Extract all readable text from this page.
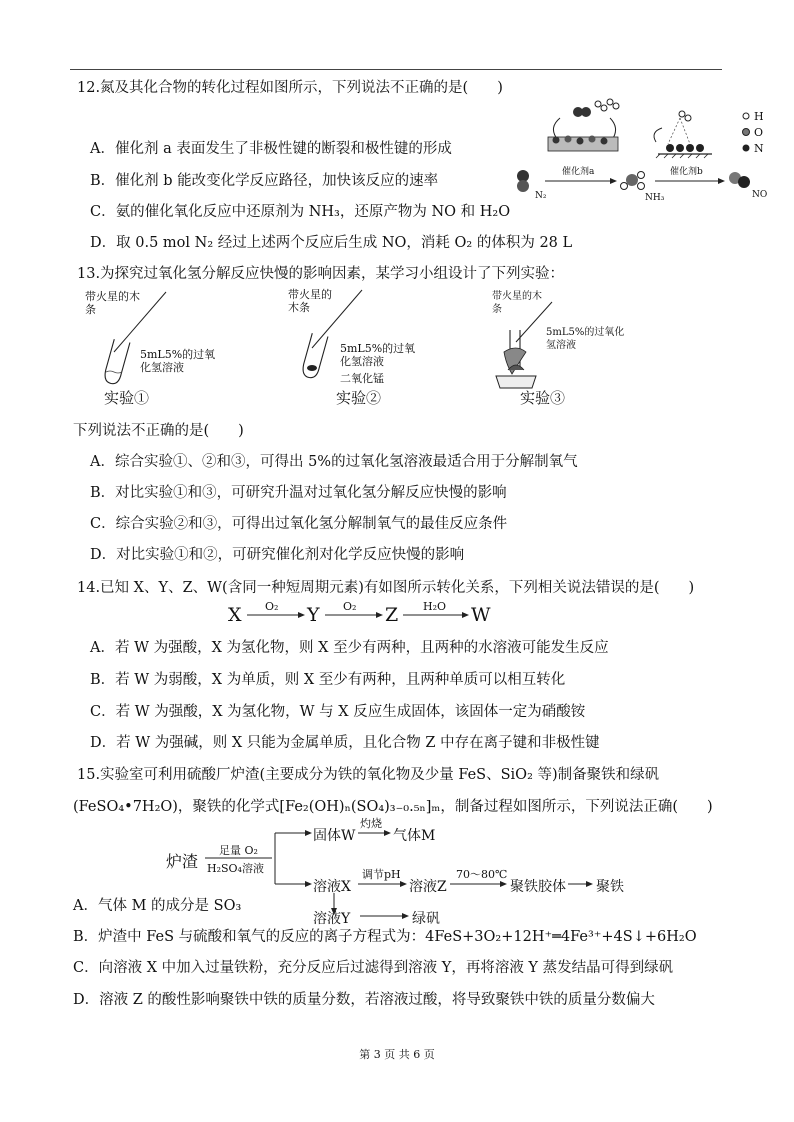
12.氮及其化合物的转化过程如图所示，下列说法不正确的是(　　)
A．催化剂 a 表面发生了非极性键的断裂和极性键的形成
B．催化剂 b 能改变化学反应路径，加快该反应的速率
C．氨的催化氧化反应中还原剂为 NH₃，还原产物为 NO 和 H₂O
D．取 0.5 mol N₂ 经过上述两个反应后生成 NO，消耗 O₂ 的体积为 28 L
H
O
N
催化剂a	催化剂b
N₂	NH₃	NO
13.为探究过氧化氢分解反应快慢的影响因素，某学习小组设计了下列实验：
带火星的木条
带火星的木条
带火星的木条
5mL5%的过氧化氢溶液
5mL5%的过氧化氢溶液
二氧化锰
5mL5%的过氧化氢溶液
实验①	实验②	实验③
下列说法不正确的是(　　)
A．综合实验①、②和③，可得出 5%的过氧化氢溶液最适合用于分解制氧气
B．对比实验①和③，可研究升温对过氧化氢分解反应快慢的影响
C．综合实验②和③，可得出过氧化氢分解制氧气的最佳反应条件
D．对比实验①和②，可研究催化剂对化学反应快慢的影响
14.已知 X、Y、Z、W(含同一种短周期元素)有如图所示转化关系，下列相关说法错误的是(　　)
X	Y	Z	W
O₂	O₂	H₂O
A．若 W 为强酸，X 为氢化物，则 X 至少有两种，且两种的水溶液可能发生反应
B．若 W 为弱酸，X 为单质，则 X 至少有两种，且两种单质可以相互转化
C．若 W 为强酸，X 为氢化物，W 与 X 反应生成固体，该固体一定为硝酸铵
D．若 W 为强碱，则 X 只能为金属单质，且化合物 Z 中存在离子键和非极性键
15.实验室可利用硫酸厂炉渣(主要成分为铁的氧化物及少量 FeS、SiO₂ 等)制备聚铁和绿矾
(FeSO₄•7H₂O)，聚铁的化学式[Fe₂(OH)ₙ(SO₄)₃₋₀.₅ₙ]ₘ，制备过程如图所示，下列说法正确(　　)
炉渣
足量 O₂
H₂SO₄溶液
固体W
灼烧
气体M
溶液X
调节pH
溶液Z
70～80℃
聚铁胶体 聚铁
溶液Y	绿矾
A．气体 M 的成分是 SO₃
B．炉渣中 FeS 与硫酸和氧气的反应的离子方程式为：4FeS+3O₂+12H⁺═4Fe³⁺+4S↓+6H₂O
C．向溶液 X 中加入过量铁粉，充分反应后过滤得到溶液 Y，再将溶液 Y 蒸发结晶可得到绿矾
D．溶液 Z 的酸性影响聚铁中铁的质量分数，若溶液过酸，将导致聚铁中铁的质量分数偏大
第 3 页 共 6 页
